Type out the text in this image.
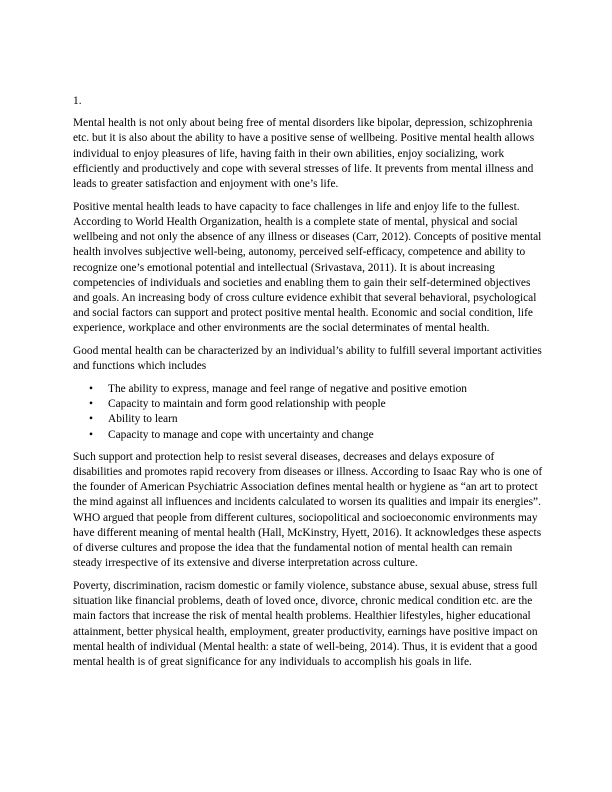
1.

Mental health is not only about being free of mental disorders like bipolar, depression, schizophrenia etc. but it is also about the ability to have a positive sense of wellbeing. Positive mental health allows individual to enjoy pleasures of life, having faith in their own abilities, enjoy socializing, work efficiently and productively and cope with several stresses of life. It prevents from mental illness and leads to greater satisfaction and enjoyment with one’s life.

Positive mental health leads to have capacity to face challenges in life and enjoy life to the fullest. According to World Health Organization, health is a complete state of mental, physical and social wellbeing and not only the absence of any illness or diseases (Carr, 2012). Concepts of positive mental health involves subjective well-being, autonomy, perceived self-efficacy, competence and ability to recognize one’s emotional potential and intellectual (Srivastava, 2011). It is about increasing competencies of individuals and societies and enabling them to gain their self-determined objectives and goals. An increasing body of cross culture evidence exhibit that several behavioral, psychological and social factors can support and protect positive mental health. Economic and social condition, life experience, workplace and other environments are the social determinates of mental health.

Good mental health can be characterized by an individual’s ability to fulfill several important activities and functions which includes

• The ability to express, manage and feel range of negative and positive emotion
• Capacity to maintain and form good relationship with people
• Ability to learn
• Capacity to manage and cope with uncertainty and change

Such support and protection help to resist several diseases, decreases and delays exposure of disabilities and promotes rapid recovery from diseases or illness. According to Isaac Ray who is one of the founder of American Psychiatric Association defines mental health or hygiene as “an art to protect the mind against all influences and incidents calculated to worsen its qualities and impair its energies”. WHO argued that people from different cultures, sociopolitical and socioeconomic environments may have different meaning of mental health (Hall, McKinstry, Hyett, 2016). It acknowledges these aspects of diverse cultures and propose the idea that the fundamental notion of mental health can remain steady irrespective of its extensive and diverse interpretation across culture.

Poverty, discrimination, racism domestic or family violence, substance abuse, sexual abuse, stress full situation like financial problems, death of loved once, divorce, chronic medical condition etc. are the main factors that increase the risk of mental health problems. Healthier lifestyles, higher educational attainment, better physical health, employment, greater productivity, earnings have positive impact on mental health of individual (Mental health: a state of well-being, 2014). Thus, it is evident that a good mental health is of great significance for any individuals to accomplish his goals in life.
